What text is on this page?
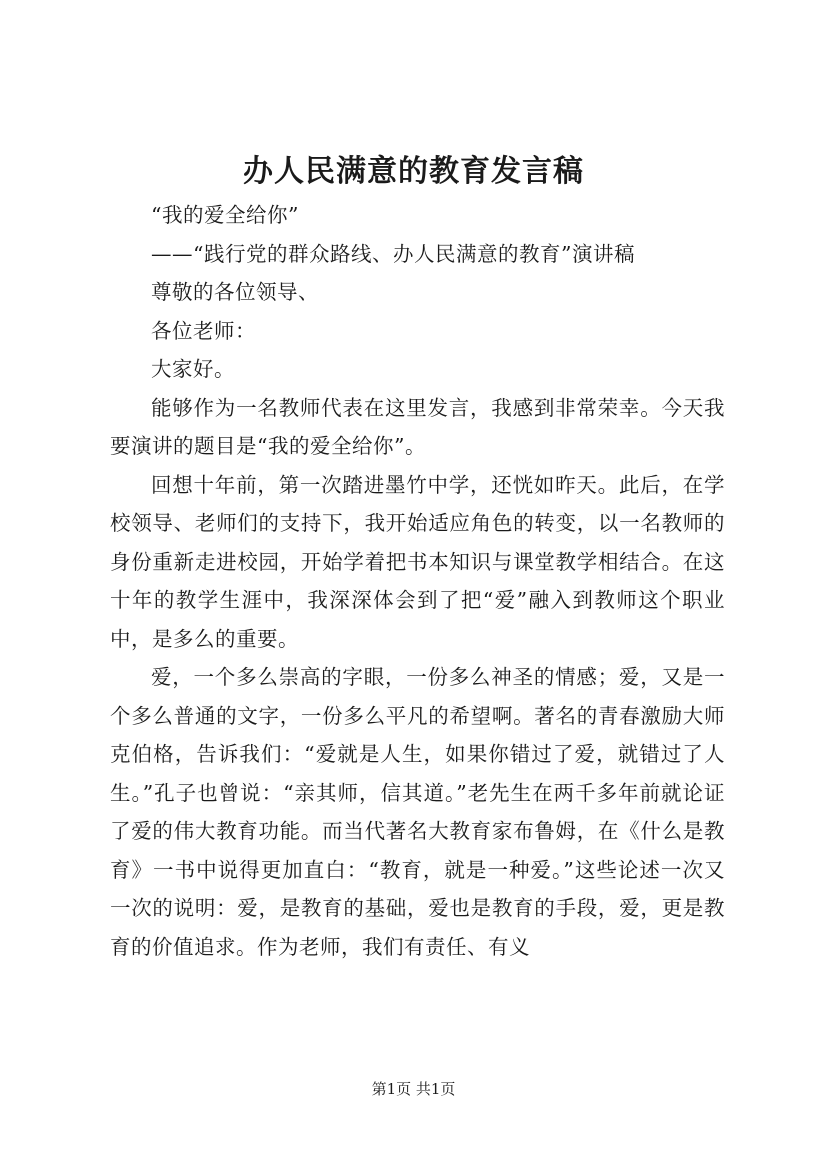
办人民满意的教育发言稿

“我的爱全给你”

——“践行党的群众路线、办人民满意的教育”演讲稿

尊敬的各位领导、

各位老师：

大家好。

能够作为一名教师代表在这里发言，我感到非常荣幸。今天我要演讲的题目是“我的爱全给你”。

回想十年前，第一次踏进墨竹中学，还恍如昨天。此后，在学校领导、老师们的支持下，我开始适应角色的转变，以一名教师的身份重新走进校园，开始学着把书本知识与课堂教学相结合。在这十年的教学生涯中，我深深体会到了把“爱”融入到教师这个职业中，是多么的重要。

爱，一个多么崇高的字眼，一份多么神圣的情感；爱，又是一个多么普通的文字，一份多么平凡的希望啊。著名的青春激励大师克伯格，告诉我们：“爱就是人生，如果你错过了爱，就错过了人生。”孔子也曾说：“亲其师，信其道。”老先生在两千多年前就论证了爱的伟大教育功能。而当代著名大教育家布鲁姆，在《什么是教育》一书中说得更加直白：“教育，就是一种爱。”这些论述一次又一次的说明：爱，是教育的基础，爱也是教育的手段，爱，更是教育的价值追求。作为老师，我们有责任、有义

第1页 共1页
